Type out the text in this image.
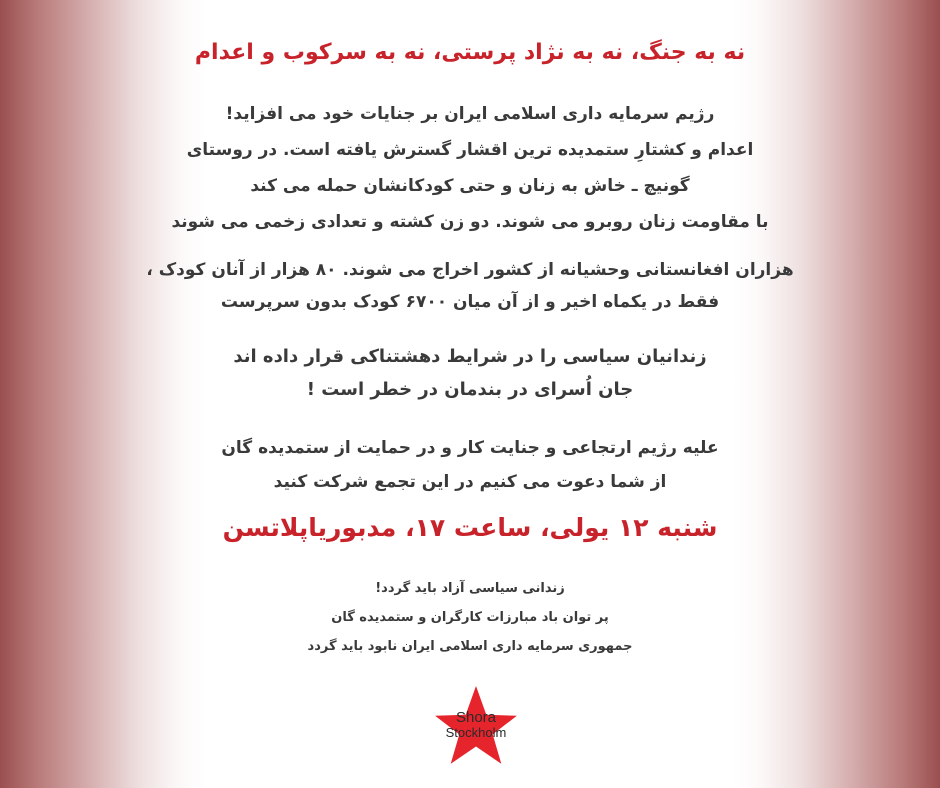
نه به جنگ، نه به نژاد پرستی، نه به سرکوب و اعدام

رژیم سرمایه داری اسلامی ایران بر جنایات خود می افزاید!
اعدام و کشتارِ ستمدیده ترین اقشار گسترش یافته است. در روستای
گونیچ ـ خاش به زنان و حتی کودکانشان حمله می کند
با مقاومت زنان روبرو می شوند. دو زن کشته و تعدادی زخمی می شوند

هزاران افغانستانی وحشیانه از کشور اخراج می شوند. ۸۰ هزار از آنان کودک ،
فقط در یکماه اخیر و از آن میان ۶۷۰۰ کودک بدون سرپرست

زندانیان سیاسی را در شرایط دهشتناکی قرار داده اند
جان اُسرای در بندمان در خطر است !

علیه رژیم ارتجاعی و جنایت کار و در حمایت از ستمدیده گان
از شما دعوت می کنیم در این تجمع شرکت کنید

شنبه ۱۲ یولی، ساعت ۱۷، مدبوریاپلاتسن

زندانی سیاسی آزاد باید گردد!
پر توان باد مبارزات کارگران و ستمدیده گان
جمهوری سرمایه داری اسلامی ایران نابود باید گردد

Shora
Stockholm
